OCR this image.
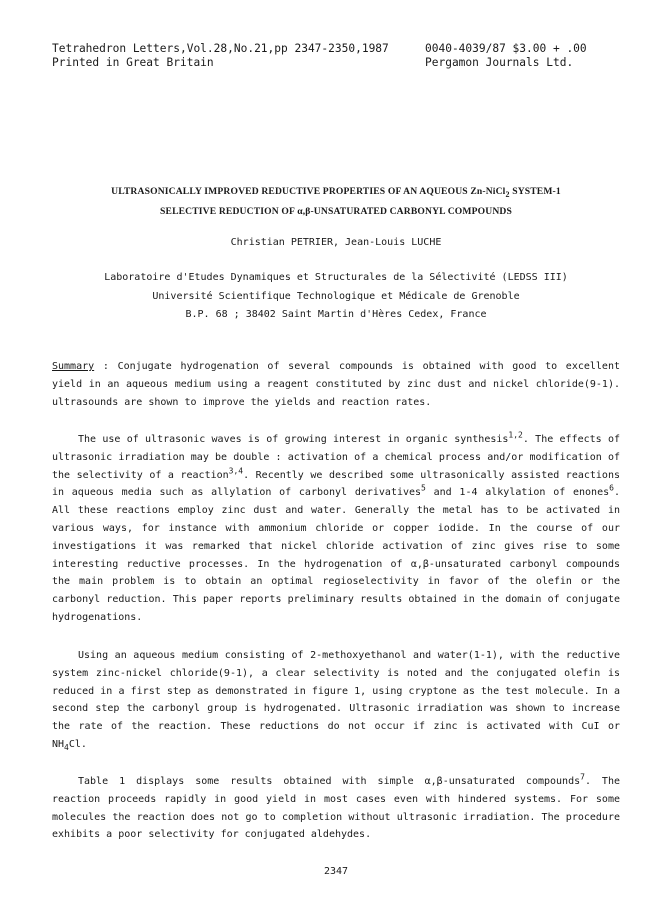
Tetrahedron Letters,Vol.28,No.21,pp 2347-2350,1987	0040-4039/87 $3.00 + .00
Printed in Great Britain	Pergamon Journals Ltd.
ULTRASONICALLY IMPROVED REDUCTIVE PROPERTIES OF AN AQUEOUS Zn-NiCl$_2$ SYSTEM-1
SELECTIVE REDUCTION OF α,β-UNSATURATED CARBONYL COMPOUNDS
Christian PETRIER, Jean-Louis LUCHE
Laboratoire d'Etudes Dynamiques et Structurales de la Sélectivité (LEDSS III)
Université Scientifique Technologique et Médicale de Grenoble
B.P. 68 ; 38402 Saint Martin d'Hères Cedex, France

Summary : Conjugate hydrogenation of several compounds is obtained with good to excellent yield in an aqueous medium using a reagent constituted by zinc dust and nickel chloride(9-1). ultrasounds are shown to improve the yields and reaction rates.

The use of ultrasonic waves is of growing interest in organic synthesis$^{1,2}$. The effects of ultrasonic irradiation may be double : activation of a chemical process and/or modification of the selectivity of a reaction$^{3,4}$. Recently we described some ultrasonically assisted reactions in aqueous media such as allylation of carbonyl derivatives$^5$ and 1-4 alkylation of enones$^6$. All these reactions employ zinc dust and water. Generally the metal has to be activated in various ways, for instance with ammonium chloride or copper iodide. In the course of our investigations it was remarked that nickel chloride activation of zinc gives rise to some interesting reductive processes. In the hydrogenation of α,β-unsaturated carbonyl compounds the main problem is to obtain an optimal regioselectivity in favor of the olefin or the carbonyl reduction. This paper reports preliminary results obtained in the domain of conjugate hydrogenations.

Using an aqueous medium consisting of 2-methoxyethanol and water(1-1), with the reductive system zinc-nickel chloride(9-1), a clear selectivity is noted and the conjugated olefin is reduced in a first step as demonstrated in figure 1, using cryptone as the test molecule. In a second step the carbonyl group is hydrogenated. Ultrasonic irradiation was shown to increase the rate of the reaction. These reductions do not occur if zinc is activated with CuI or $NH_4Cl$.

Table 1 displays some results obtained with simple α,β-unsaturated compounds$^7$. The reaction proceeds rapidly in good yield in most cases even with hindered systems. For some molecules the reaction does not go to completion without ultrasonic irradiation. The procedure exhibits a poor selectivity for conjugated aldehydes.

2347
